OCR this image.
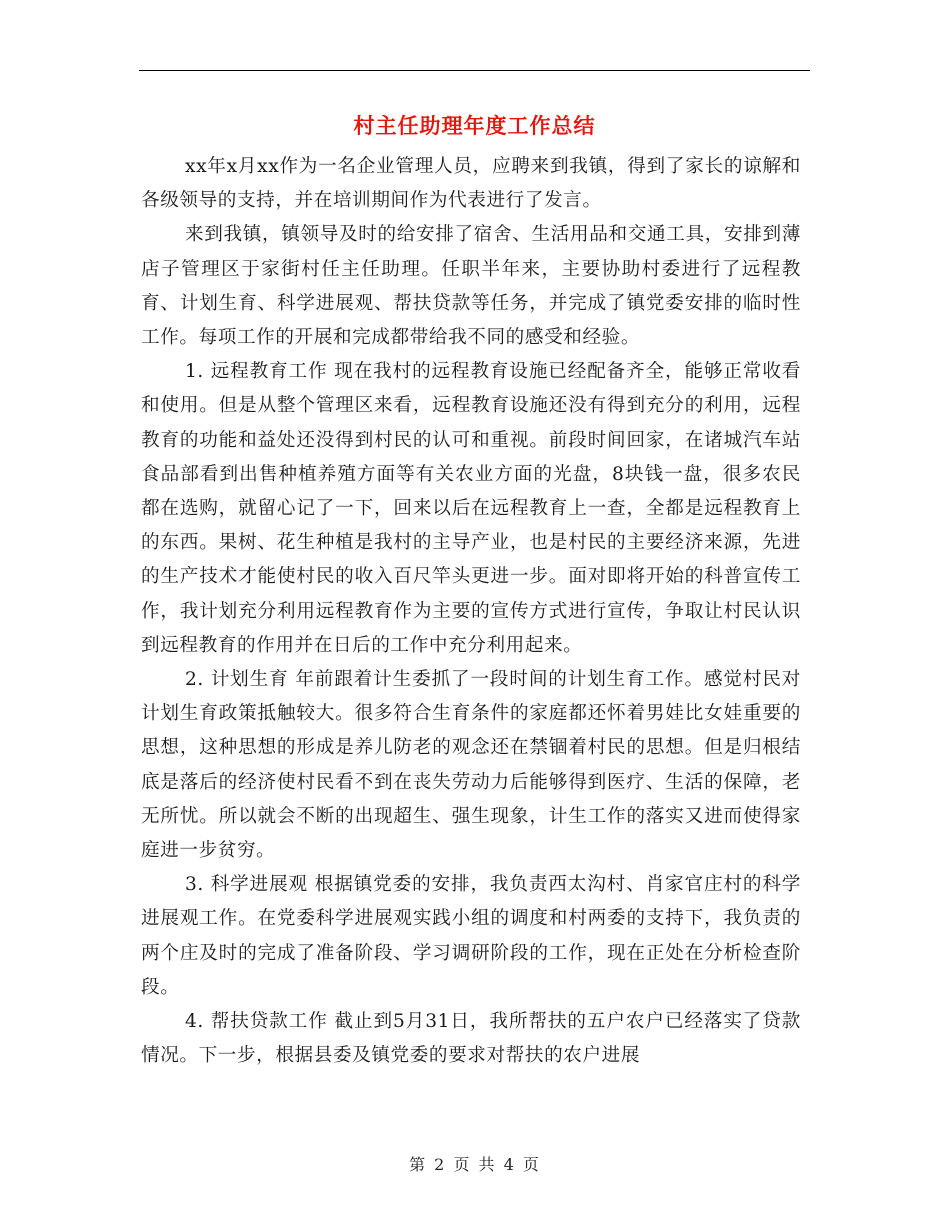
村主任助理年度工作总结

xx年x月xx作为一名企业管理人员，应聘来到我镇，得到了家长的谅解和各级领导的支持，并在培训期间作为代表进行了发言。

来到我镇，镇领导及时的给安排了宿舍、生活用品和交通工具，安排到薄店子管理区于家街村任主任助理。任职半年来，主要协助村委进行了远程教育、计划生育、科学进展观、帮扶贷款等任务，并完成了镇党委安排的临时性工作。每项工作的开展和完成都带给我不同的感受和经验。

1. 远程教育工作 现在我村的远程教育设施已经配备齐全，能够正常收看和使用。但是从整个管理区来看，远程教育设施还没有得到充分的利用，远程教育的功能和益处还没得到村民的认可和重视。前段时间回家，在诸城汽车站食品部看到出售种植养殖方面等有关农业方面的光盘，8块钱一盘，很多农民都在选购，就留心记了一下，回来以后在远程教育上一查，全都是远程教育上的东西。果树、花生种植是我村的主导产业，也是村民的主要经济来源，先进的生产技术才能使村民的收入百尺竿头更进一步。面对即将开始的科普宣传工作，我计划充分利用远程教育作为主要的宣传方式进行宣传，争取让村民认识到远程教育的作用并在日后的工作中充分利用起来。

2. 计划生育 年前跟着计生委抓了一段时间的计划生育工作。感觉村民对计划生育政策抵触较大。很多符合生育条件的家庭都还怀着男娃比女娃重要的思想，这种思想的形成是养儿防老的观念还在禁锢着村民的思想。但是归根结底是落后的经济使村民看不到在丧失劳动力后能够得到医疗、生活的保障，老无所忧。所以就会不断的出现超生、强生现象，计生工作的落实又进而使得家庭进一步贫穷。

3. 科学进展观 根据镇党委的安排，我负责西太沟村、肖家官庄村的科学进展观工作。在党委科学进展观实践小组的调度和村两委的支持下，我负责的两个庄及时的完成了准备阶段、学习调研阶段的工作，现在正处在分析检查阶段。

4. 帮扶贷款工作 截止到5月31日，我所帮扶的五户农户已经落实了贷款情况。下一步，根据县委及镇党委的要求对帮扶的农户进展

第 2 页 共 4 页
